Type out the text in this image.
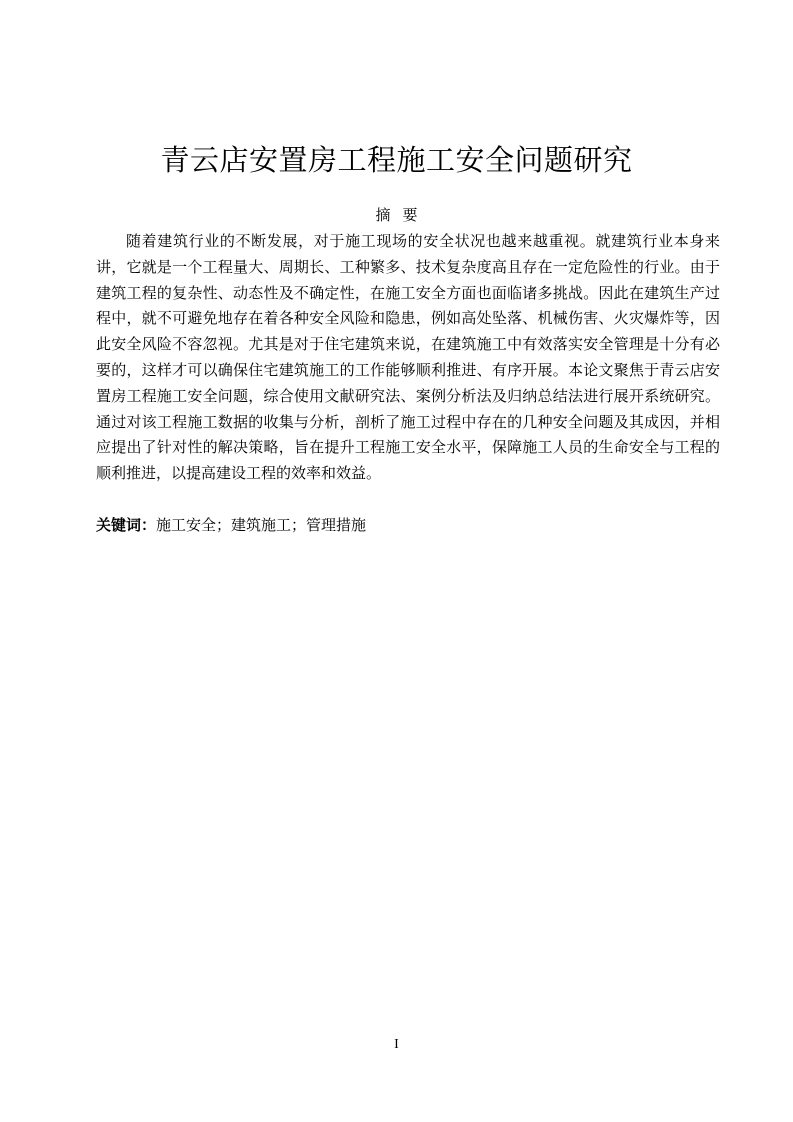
青云店安置房工程施工安全问题研究
摘要
随着建筑行业的不断发展，对于施工现场的安全状况也越来越重视。就建筑行业本身来讲，它就是一个工程量大、周期长、工种繁多、技术复杂度高且存在一定危险性的行业。由于建筑工程的复杂性、动态性及不确定性，在施工安全方面也面临诸多挑战。因此在建筑生产过程中，就不可避免地存在着各种安全风险和隐患，例如高处坠落、机械伤害、火灾爆炸等，因此安全风险不容忽视。尤其是对于住宅建筑来说，在建筑施工中有效落实安全管理是十分有必要的，这样才可以确保住宅建筑施工的工作能够顺利推进、有序开展。本论文聚焦于青云店安置房工程施工安全问题，综合使用文献研究法、案例分析法及归纳总结法进行展开系统研究。通过对该工程施工数据的收集与分析，剖析了施工过程中存在的几种安全问题及其成因，并相应提出了针对性的解决策略，旨在提升工程施工安全水平，保障施工人员的生命安全与工程的顺利推进，以提高建设工程的效率和效益。
关键词：施工安全；建筑施工；管理措施
I
